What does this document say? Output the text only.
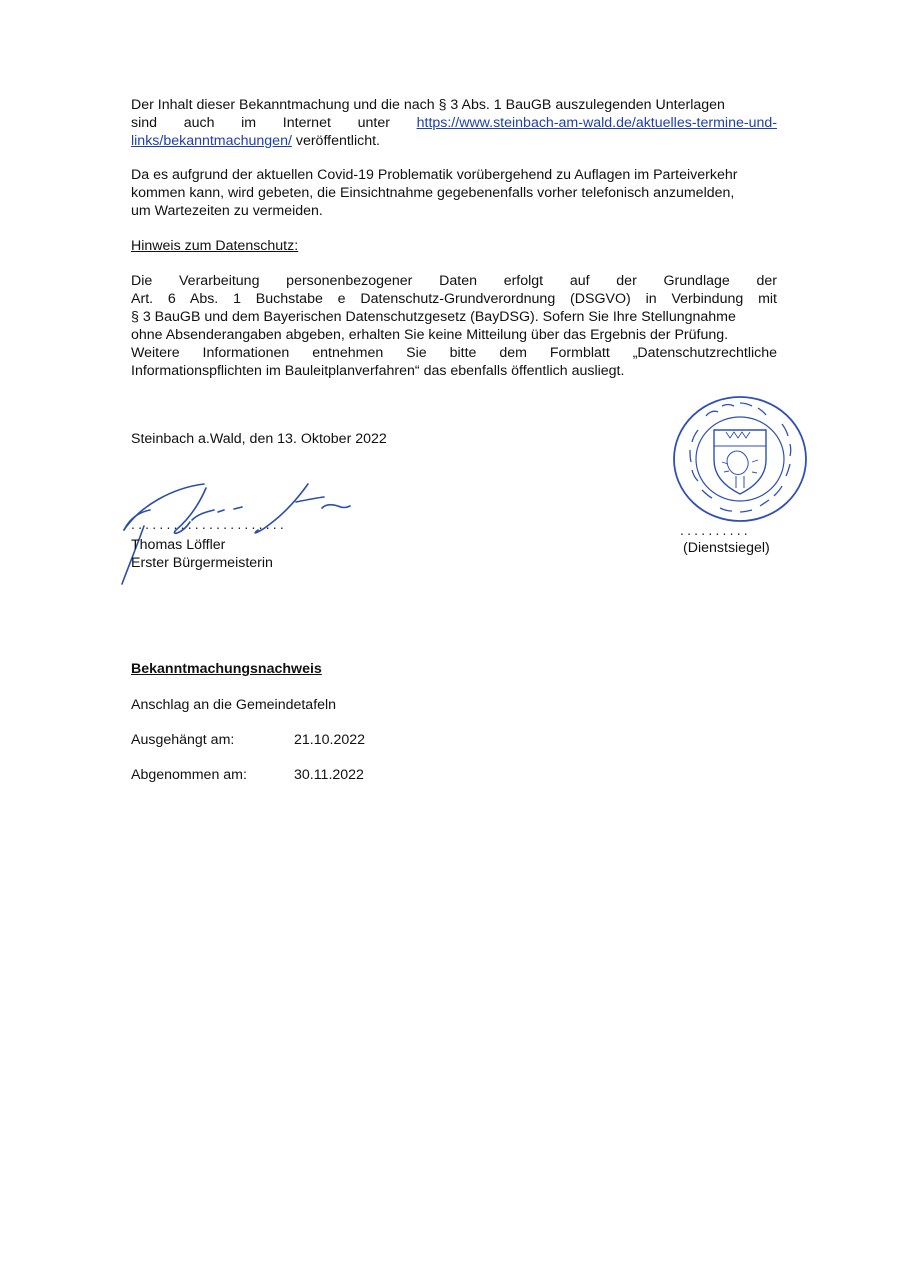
Der Inhalt dieser Bekanntmachung und die nach § 3 Abs. 1 BauGB auszulegenden Unterlagen
sind auch im Internet unter https://www.steinbach-am-wald.de/aktuelles-termine-und-
links/bekanntmachungen/ veröffentlicht.
Da es aufgrund der aktuellen Covid-19 Problematik vorübergehend zu Auflagen im Parteiverkehr
kommen kann, wird gebeten, die Einsichtnahme gegebenenfalls vorher telefonisch anzumelden,
um Wartezeiten zu vermeiden.
Hinweis zum Datenschutz:
Die Verarbeitung personenbezogener Daten erfolgt auf der Grundlage der
Art. 6 Abs. 1 Buchstabe e Datenschutz-Grundverordnung (DSGVO) in Verbindung mit
§ 3 BauGB und dem Bayerischen Datenschutzgesetz (BayDSG). Sofern Sie Ihre Stellungnahme
ohne Absenderangaben abgeben, erhalten Sie keine Mitteilung über das Ergebnis der Prüfung.
Weitere Informationen entnehmen Sie bitte dem Formblatt „Datenschutzrechtliche
Informationspflichten im Bauleitplanverfahren“ das ebenfalls öffentlich ausliegt.
Steinbach a.Wald, den 13. Oktober 2022
......................
Thomas Löffler
Erster Bürgermeisterin
..........
(Dienstsiegel)
Bekanntmachungsnachweis
Anschlag an die Gemeindetafeln
Ausgehängt am:	21.10.2022
Abgenommen am:	30.11.2022
